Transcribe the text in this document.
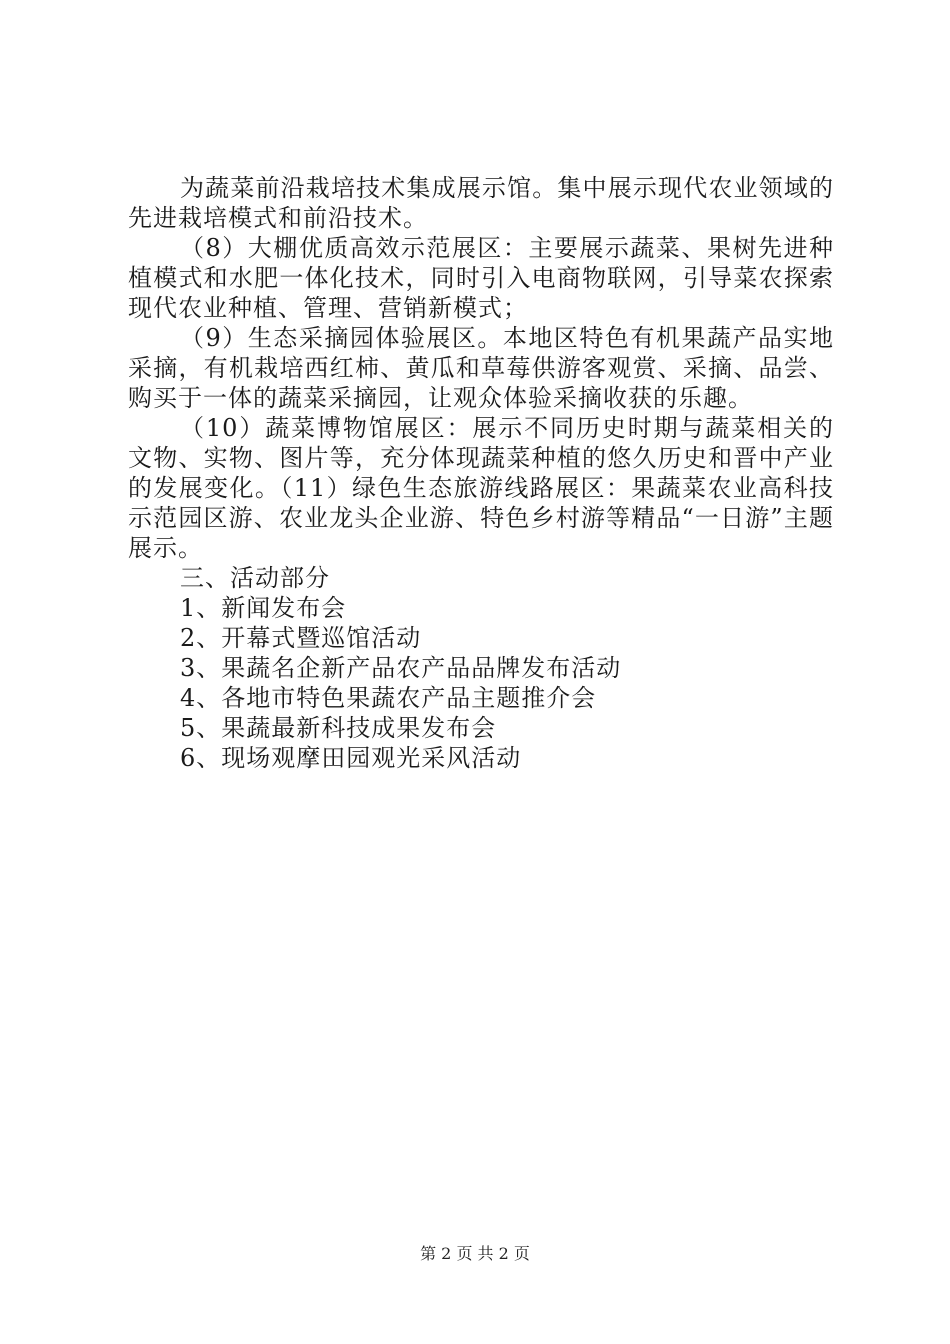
为蔬菜前沿栽培技术集成展示馆。集中展示现代农业领域的先进栽培模式和前沿技术。

（8）大棚优质高效示范展区：主要展示蔬菜、果树先进种植模式和水肥一体化技术，同时引入电商物联网，引导菜农探索现代农业种植、管理、营销新模式；

（9）生态采摘园体验展区。本地区特色有机果蔬产品实地采摘，有机栽培西红柿、黄瓜和草莓供游客观赏、采摘、品尝、购买于一体的蔬菜采摘园，让观众体验采摘收获的乐趣。

（10）蔬菜博物馆展区：展示不同历史时期与蔬菜相关的文物、实物、图片等，充分体现蔬菜种植的悠久历史和晋中产业的发展变化。（11）绿色生态旅游线路展区：果蔬菜农业高科技示范园区游、农业龙头企业游、特色乡村游等精品“一日游”主题展示。

三、活动部分

1、新闻发布会

2、开幕式暨巡馆活动

3、果蔬名企新产品农产品品牌发布活动

4、各地市特色果蔬农产品主题推介会

5、果蔬最新科技成果发布会

6、现场观摩田园观光采风活动

第 2 页 共 2 页
